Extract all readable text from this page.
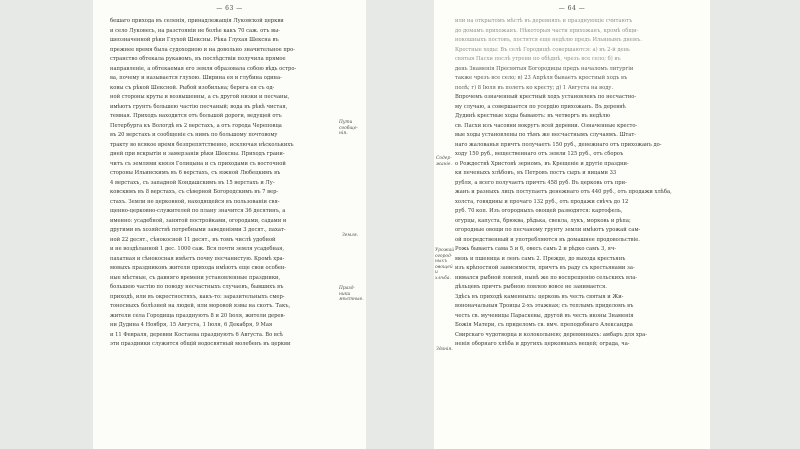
— 63 —
бешаго прихода въ селенія, принадлежащія Луковской церкви
и село Луковесь, на разстояніи не болѣе какъ 70 саж. отъ вы-
шеозначенной рѣки Глухой Шексны. Рѣка Глухая Шексна въ
прежнее время была судоходною и на довольно значительное про-
странство обтекала рукавомъ, въ послѣдствіи получила прямое
направленіе, а обтекаемая его земля образовала собою вѣдь остро-
ва, почему и называется глухою. Ширина ея и глубина одина-
ковы съ рѣкой Шексной. Рыбой изобильна; берега ея съ од-
ной стороны круты и возвышенны, а съ другой низки и песчаны,
имѣютъ грунтъ большею частію песчаный; вода въ рѣкѣ чистая,
темная. Приходъ находится отъ большой дороги, ведущей отъ
Петербурга къ Вологдѣ въ 2 верстахъ, а отъ города Череповца
въ 20 верстахъ и сообщеніе съ нимъ по большому почтовому
тракту во всякое время безпрепятственно, исключая нѣсколькихъ
дней при вскрытіи и замерзаніи рѣки Шексны. Приходъ грани-
читъ съ землями князя Голицына и съ приходами съ восточной
стороны Ильинскимъ въ 6 верстахъ, съ южной Любецкимъ въ
4 верстахъ, съ западной Кондашскимъ въ 15 верстахъ и Лу-
ковскимъ въ 8 верстахъ, съ сѣверной Богородскимъ въ 7 вер-
стахъ. Земли не церковной, находящейся въ пользованіи свя-
щенно-церковно-служителей по плану значится 36 десятинъ, а
именно: усадебной, занятой постройками, огородами, садами и
другими въ хозяйствѣ потребными заведеніями 3 десят., пахат-
ной 22 десят., сѣнокосной 11 десят., въ томъ числѣ удобной
и не воздѣланной 1 дес. 1000 саж. Вся почти земля усадебная,
пахатная и сѣнокосная имѣетъ почву песчанистую. Кромѣ хра-
мовыхъ праздниковъ жители прихода имѣютъ еще свои особен-
ные мѣстные, съ давняго времени установленные праздники,
большею частію по поводу несчастныхъ случаевъ, бывшихъ въ
приходѣ, или въ окрестностяхъ, какъ-то: заразительныхъ смер-
тоносныхъ болѣзней на людей, или моровой язвы на скотъ. Такъ,
жители села Городища празднуютъ 8 и 20 Іюля, жители дерев-
ни Дудина 4 Ноября, 15 Августа, 1 Іюля, 6 Декабря, 9 Мая
и 11 Февраля, деревни Костаева празднуютъ 6 Августа. Во всѣ
эти праздники служится общій водосвятный молебенъ въ церкви
Пути сообще-нія.
Земля.
Празд-ники мѣстные.
— 64 —
или на открытомъ мѣстѣ въ деревняхъ и празднующіе считаютъ
до домамъ прихожанъ. Нѣкоторыя части прихожанъ, кромѣ общи-
нокошныхъ постовъ, постятся еще недѣлю предъ Ильинымъ днемъ.
Крестные ходы: Въ селѣ Городищѣ совершаются: а) въ 2-й день
святыя Пасхи послѣ утрени по обѣднѣ, чрезъ все село; б) въ
день Знаменія Пресвятыя Богородицы предъ началомъ литургіи
также чрезъ все село; в) 23 Апрѣля бываетъ крестный ходъ въ
полѣ; г) 8 Іюля въ полетъ ко кресту; д) 1 Августа на воду.
Впрочемъ означенный крестный ходъ установленъ по несчастно-
му случаю, а совершается по усердію прихожанъ. Въ деревнѣ
Дудинѣ крестные ходы бываютъ: въ четвергъ въ недѣлю
св. Пасхи изъ часовни вокругъ всей деревни. Означенные кресто-
вые ходы установлены по тѣмъ же несчастнымъ случаямъ. Штат-
наго жалованья причтъ получаетъ 150 руб., денежнаго отъ прихожанъ до-
ходу 150 руб., вещественнаго отъ земли 125 руб., отъ сбороъ
о Рождествѣ Христовѣ зерномъ, въ Крещеніе и другіе праздни-
ки печеныхъ хлѣбовъ, въ Петровъ постъ сыръ и яицами 33
рубля, а всего получаетъ причтъ 458 руб. Въ церковь отъ при-
жанъ и разныхъ лицъ поступаетъ денежнаго отъ 440 руб., отъ продажи хлѣба,
холста, говядины и прочаго 132 руб., отъ продажи свѣчъ до 12
руб. 70 коп. Изъ огородныхъ овощей разводятся: картофель,
огурцы, капуста, брюква, рѣдька, свекла, лукъ, морковь и рѣпа;
огородные овощи по песчаному грунту земли имѣютъ урожай сам-
ой посредственный и употребляются въ домашнее продовольствіе.
Рожь бываетъ сама 5 и 6, овесъ самъ 2 и рѣдко самъ 3, яч-
мень и пшеница и ленъ самъ 2. Прежде, до выхода крестьянъ
изъ крѣпостной зависимости, причтъ въ раду съ крестьянами за-
нимался рыбной ловлей, нынѣ же по воспрещенію сельскихъ вла-
дѣльцевъ причтъ рыбною ловлею вовсе не занимается.
Здѣсь въ приходѣ каменныхъ: церковь въ честь святыя и Жи-
вононачальныя Троицы 2-хъ этажная; съ теплымъ приделомъ въ
честь св. мученицы Параскевы, другой въ честь иконы Знаменія
Божія Матери, съ приделомъ св. вмч. преподобнаго Александра
Свирскаго чудотворца и колокольнею; деревянныхъ: амбаръ для хра-
ненія оборнаго хлѣба и другихъ церковныхъ вещей; ограда, ча-
Содер-жаніе.
Урожай огород-ныхъ овощей и хлѣба.
Зданія.
